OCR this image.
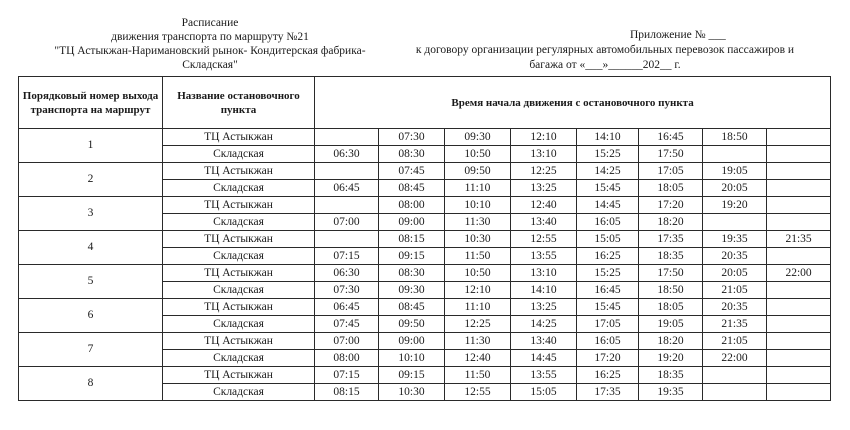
Расписание
движения транспорта по маршруту №21
"ТЦ Астыкжан-Наримановский рынок- Кондитерская фабрика-
Складская"
Приложение № ___
к договору организации регулярных автомобильных перевозок пассажиров и
багажа от «___»______202__ г.
Порядковый номер выхода транспорта на маршрут	Название остановочного пункта	Время начала движения с остановочного пункта							
1	ТЦ Астыкжан		07:30	09:30	12:10	14:10	16:45	18:50	
	Складская	06:30	08:30	10:50	13:10	15:25	17:50		
2	ТЦ Астыкжан		07:45	09:50	12:25	14:25	17:05	19:05	
	Складская	06:45	08:45	11:10	13:25	15:45	18:05	20:05	
3	ТЦ Астыкжан		08:00	10:10	12:40	14:45	17:20	19:20	
	Складская	07:00	09:00	11:30	13:40	16:05	18:20		
4	ТЦ Астыкжан		08:15	10:30	12:55	15:05	17:35	19:35	21:35
	Складская	07:15	09:15	11:50	13:55	16:25	18:35	20:35	
5	ТЦ Астыкжан	06:30	08:30	10:50	13:10	15:25	17:50	20:05	22:00
	Складская	07:30	09:30	12:10	14:10	16:45	18:50	21:05	
6	ТЦ Астыкжан	06:45	08:45	11:10	13:25	15:45	18:05	20:35	
	Складская	07:45	09:50	12:25	14:25	17:05	19:05	21:35	
7	ТЦ Астыкжан	07:00	09:00	11:30	13:40	16:05	18:20	21:05	
	Складская	08:00	10:10	12:40	14:45	17:20	19:20	22:00	
8	ТЦ Астыкжан	07:15	09:15	11:50	13:55	16:25	18:35		
	Складская	08:15	10:30	12:55	15:05	17:35	19:35		
